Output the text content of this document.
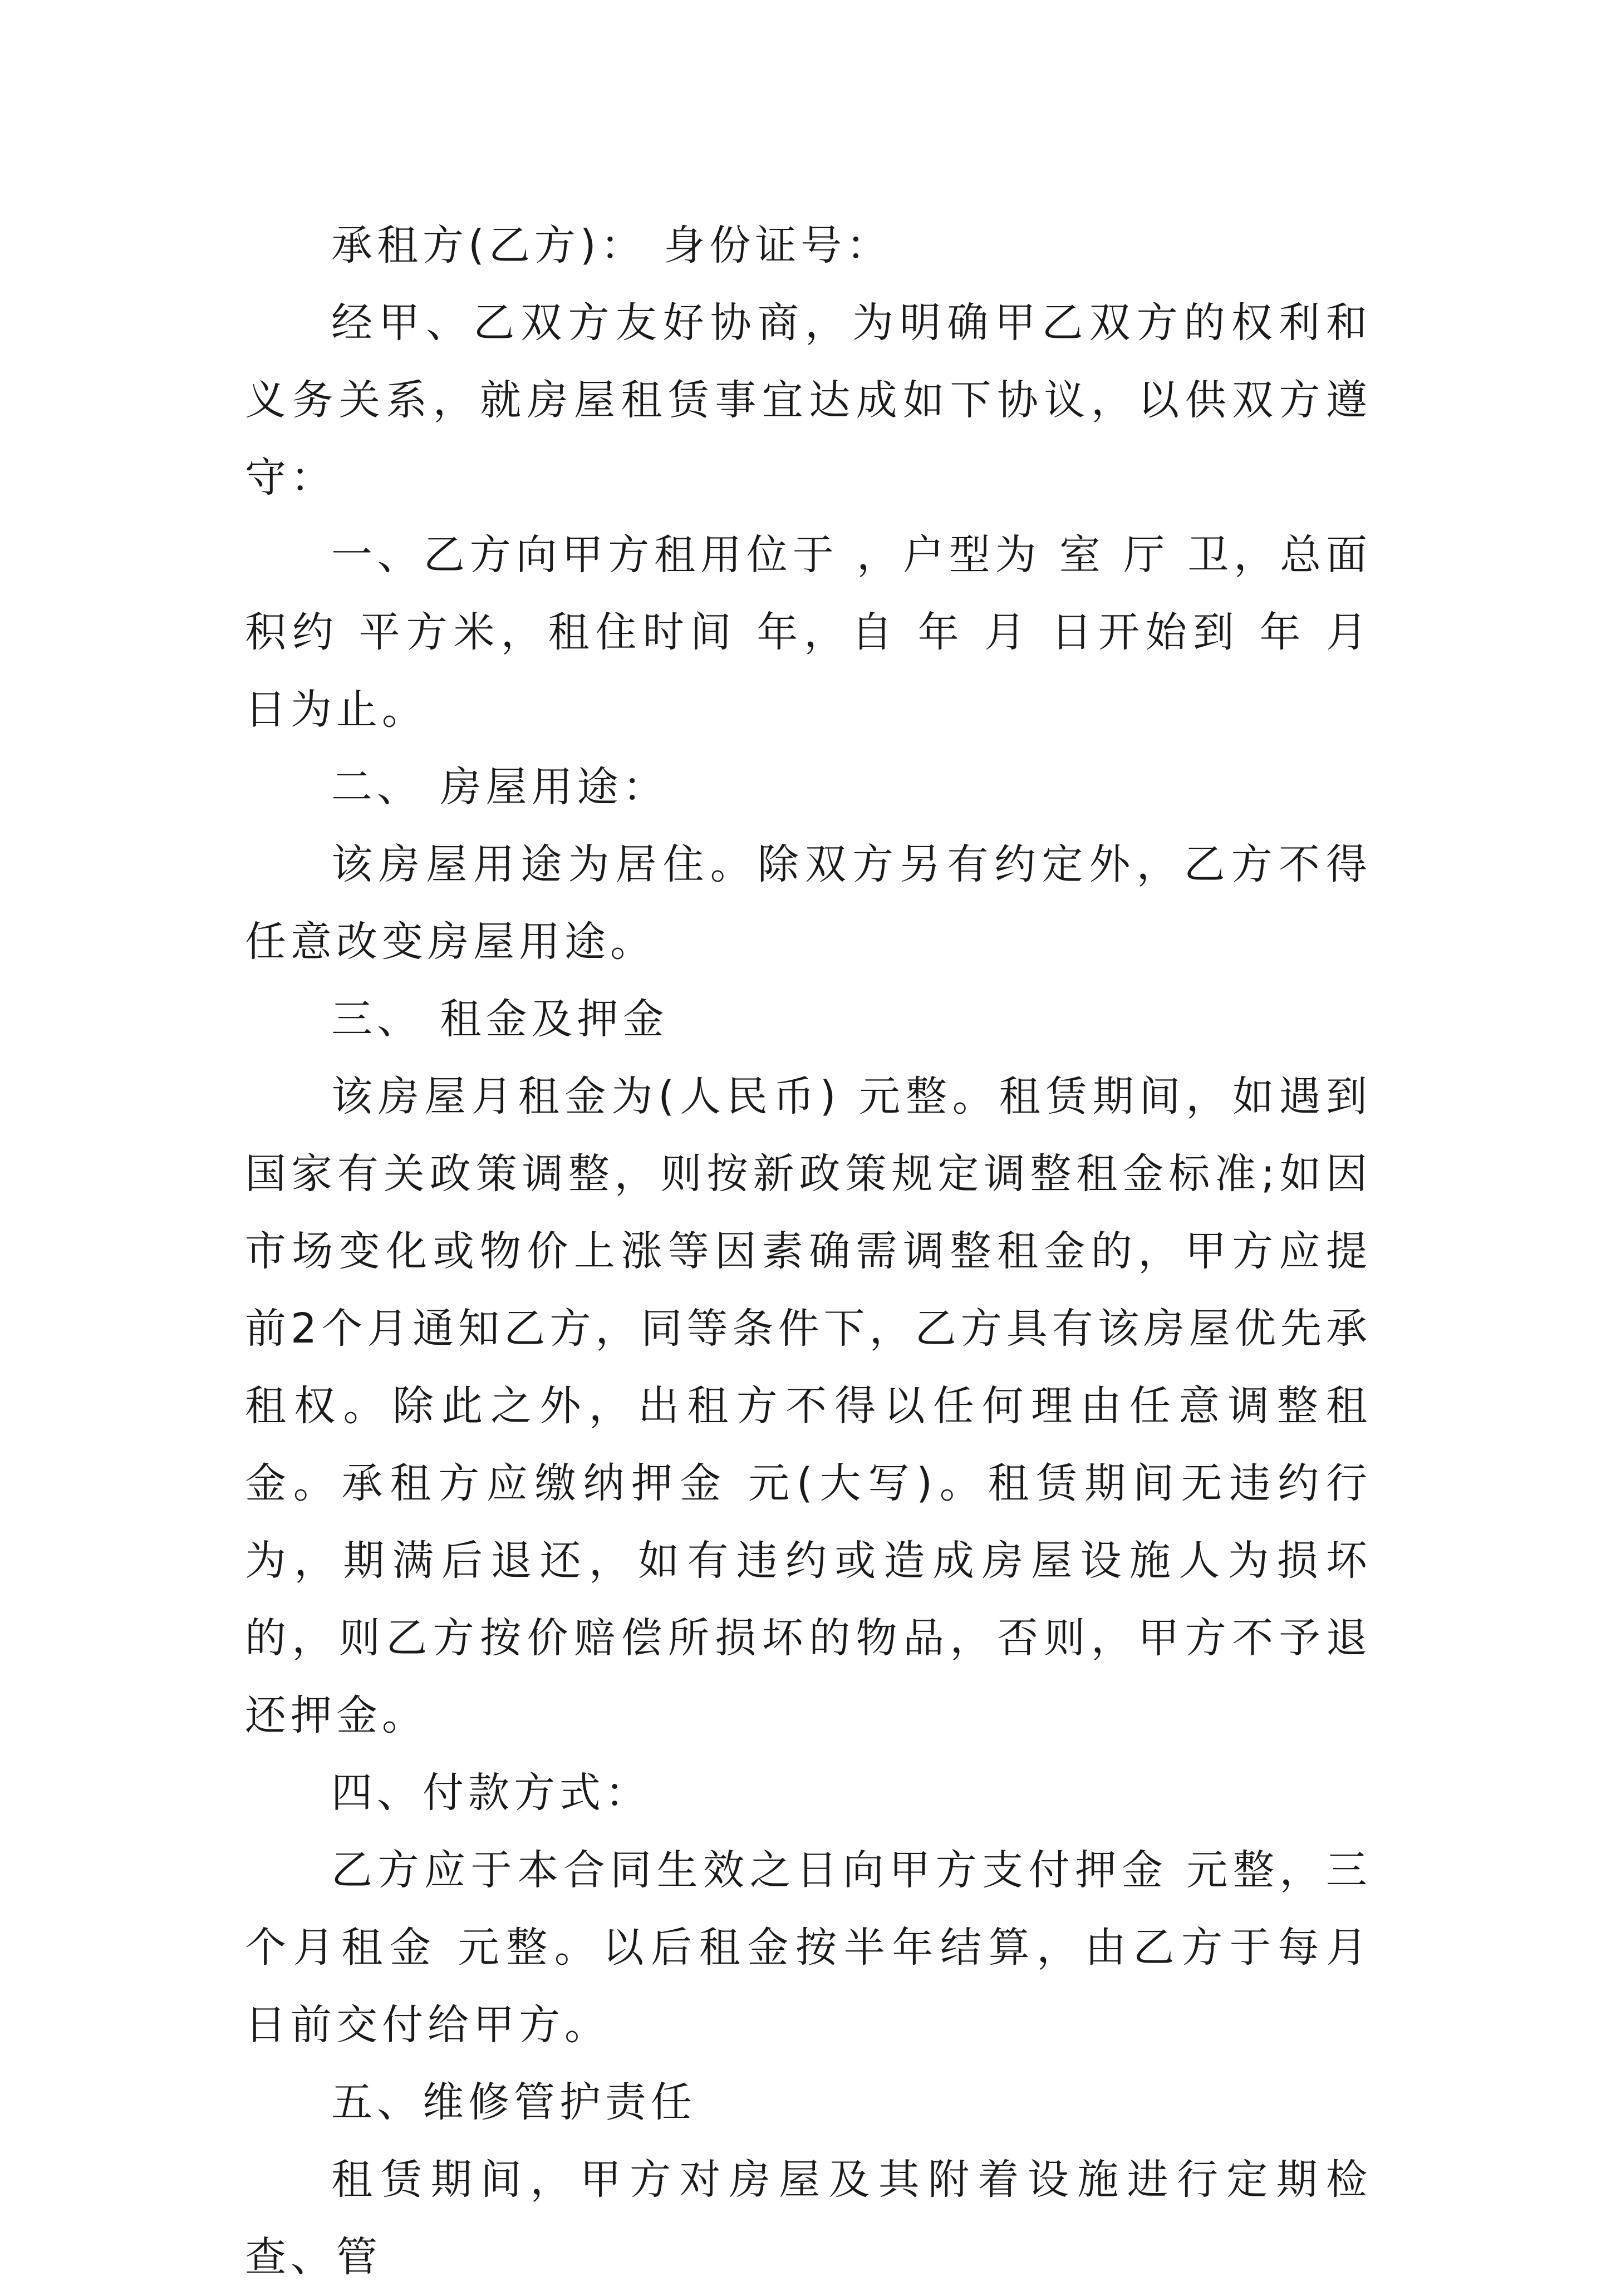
承租方(乙方)： 身份证号：

经甲、乙双方友好协商，为明确甲乙双方的权利和义务关系，就房屋租赁事宜达成如下协议，以供双方遵守：

一、乙方向甲方租用位于 ，户型为 室 厅 卫，总面积约 平方米，租住时间 年，自 年 月 日开始到 年 月 日为止。

二、 房屋用途：

该房屋用途为居住。除双方另有约定外，乙方不得任意改变房屋用途。

三、 租金及押金

该房屋月租金为(人民币) 元整。租赁期间，如遇到国家有关政策调整，则按新政策规定调整租金标准;如因市场变化或物价上涨等因素确需调整租金的，甲方应提前2个月通知乙方，同等条件下，乙方具有该房屋优先承租权。除此之外，出租方不得以任何理由任意调整租金。承租方应缴纳押金 元(大写)。租赁期间无违约行为，期满后退还，如有违约或造成房屋设施人为损坏的，则乙方按价赔偿所损坏的物品，否则，甲方不予退还押金。

四、付款方式：

乙方应于本合同生效之日向甲方支付押金 元整，三个月租金 元整。以后租金按半年结算，由乙方于每月 日前交付给甲方。

五、维修管护责任

租赁期间，甲方对房屋及其附着设施进行定期检查、管
